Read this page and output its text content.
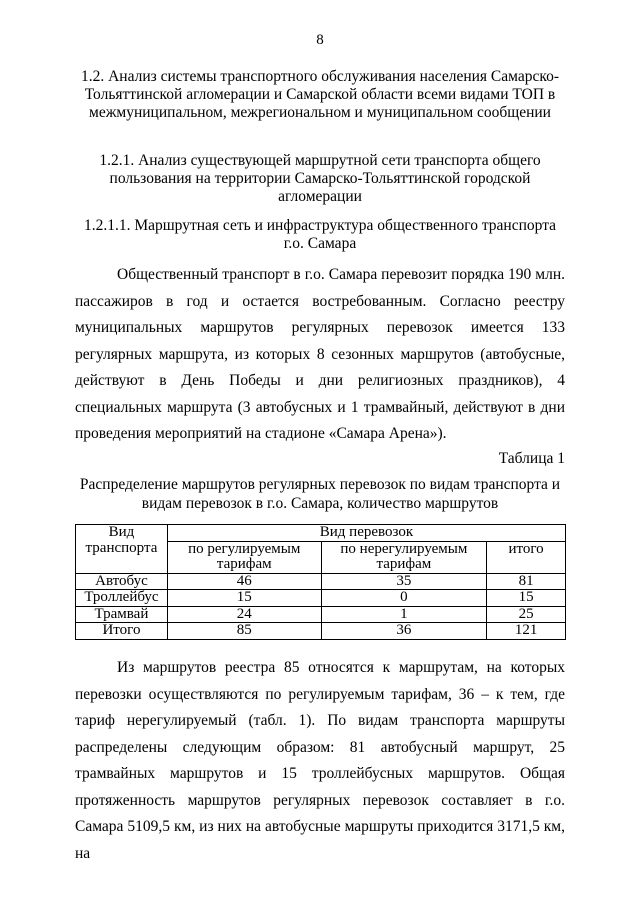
8
1.2. Анализ системы транспортного обслуживания населения Самарско-Тольяттинской агломерации и Самарской области всеми видами ТОП в межмуниципальном, межрегиональном и муниципальном сообщении
1.2.1. Анализ существующей маршрутной сети транспорта общего пользования на территории Самарско-Тольяттинской городской агломерации
1.2.1.1. Маршрутная сеть и инфраструктура общественного транспорта г.о. Самара

Общественный транспорт в г.о. Самара перевозит порядка 190 млн. пассажиров в год и остается востребованным. Согласно реестру муниципальных маршрутов регулярных перевозок имеется 133 регулярных маршрута, из которых 8 сезонных маршрутов (автобусные, действуют в День Победы и дни религиозных праздников), 4 специальных маршрута (3 автобусных и 1 трамвайный, действуют в дни проведения мероприятий на стадионе «Самара Арена»).

Таблица 1
Распределение маршрутов регулярных перевозок по видам транспорта и видам перевозок в г.о. Самара, количество маршрутов
Вид транспорта	Вид перевозок		
	по регулируемым тарифам	по нерегулируемым тарифам	итого
Автобус	46	35	81
Троллейбус	15	0	15
Трамвай	24	1	25
Итого	85	36	121

Из маршрутов реестра 85 относятся к маршрутам, на которых перевозки осуществляются по регулируемым тарифам, 36 – к тем, где тариф нерегулируемый (табл. 1). По видам транспорта маршруты распределены следующим образом: 81 автобусный маршрут, 25 трамвайных маршрутов и 15 троллейбусных маршрутов. Общая протяженность маршрутов регулярных перевозок составляет в г.о. Самара 5109,5 км, из них на автобусные маршруты приходится 3171,5 км, на
